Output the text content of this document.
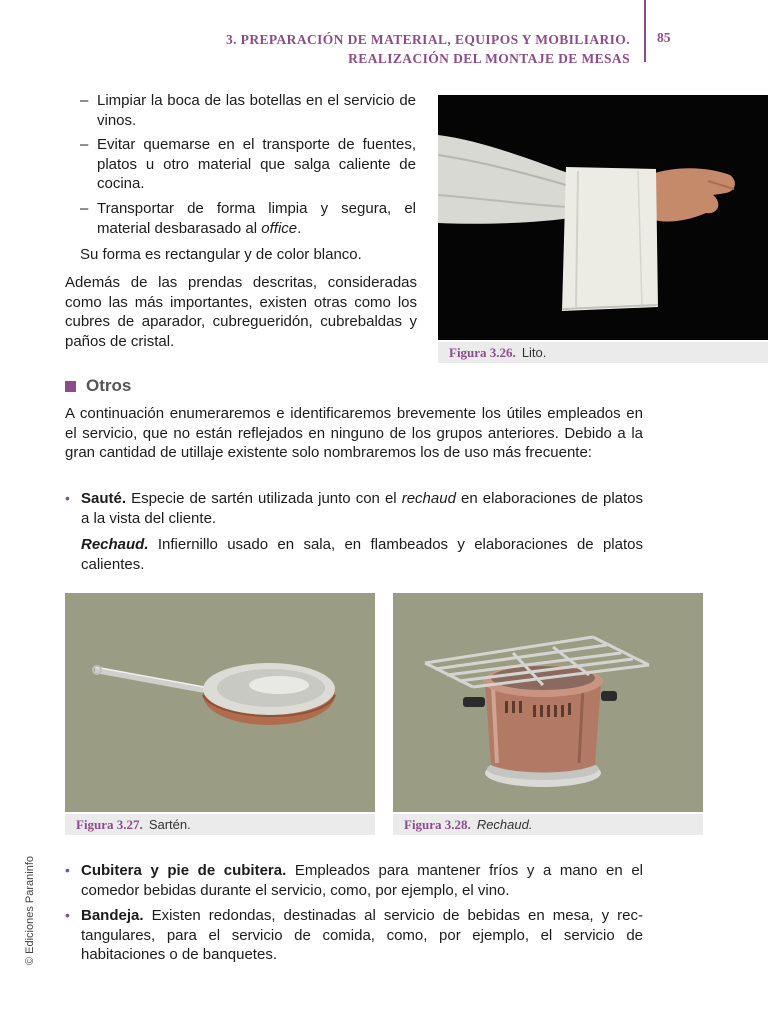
3. PREPARACIÓN DE MATERIAL, EQUIPOS Y MOBILIARIO.
REALIZACIÓN DEL MONTAJE DE MESAS
85
– Limpiar la boca de las botellas en el servicio de vinos.
– Evitar quemarse en el transporte de fuentes, platos u otro material que salga caliente de cocina.
– Transportar de forma limpia y segura, el material desbarasado al office.
Su forma es rectangular y de color blanco.
Además de las prendas descritas, consideradas como las más importantes, existen otras como los cubres de aparador, cubregueridón, cubrebaldas y paños de cristal.
Figura 3.26. Lito.
Otros
A continuación enumeraremos e identificaremos brevemente los útiles empleados en el servicio, que no están reflejados en ninguno de los grupos anteriores. Debido a la gran cantidad de utillaje existente solo nombraremos los de uso más frecuente:
• Sauté. Especie de sartén utilizada junto con el rechaud en elaboraciones de platos a la vista del cliente.
Rechaud. Infiernillo usado en sala, en flambeados y elaboraciones de platos calientes.
Figura 3.27. Sartén.	Figura 3.28. Rechaud.
• Cubitera y pie de cubitera. Empleados para mantener fríos y a mano en el comedor bebidas durante el servicio, como, por ejemplo, el vino.
• Bandeja. Existen redondas, destinadas al servicio de bebidas en mesa, y rectangulares, para el servicio de comida, como, por ejemplo, el servicio de habitaciones o de banquetes.
© Ediciones Paraninfo
